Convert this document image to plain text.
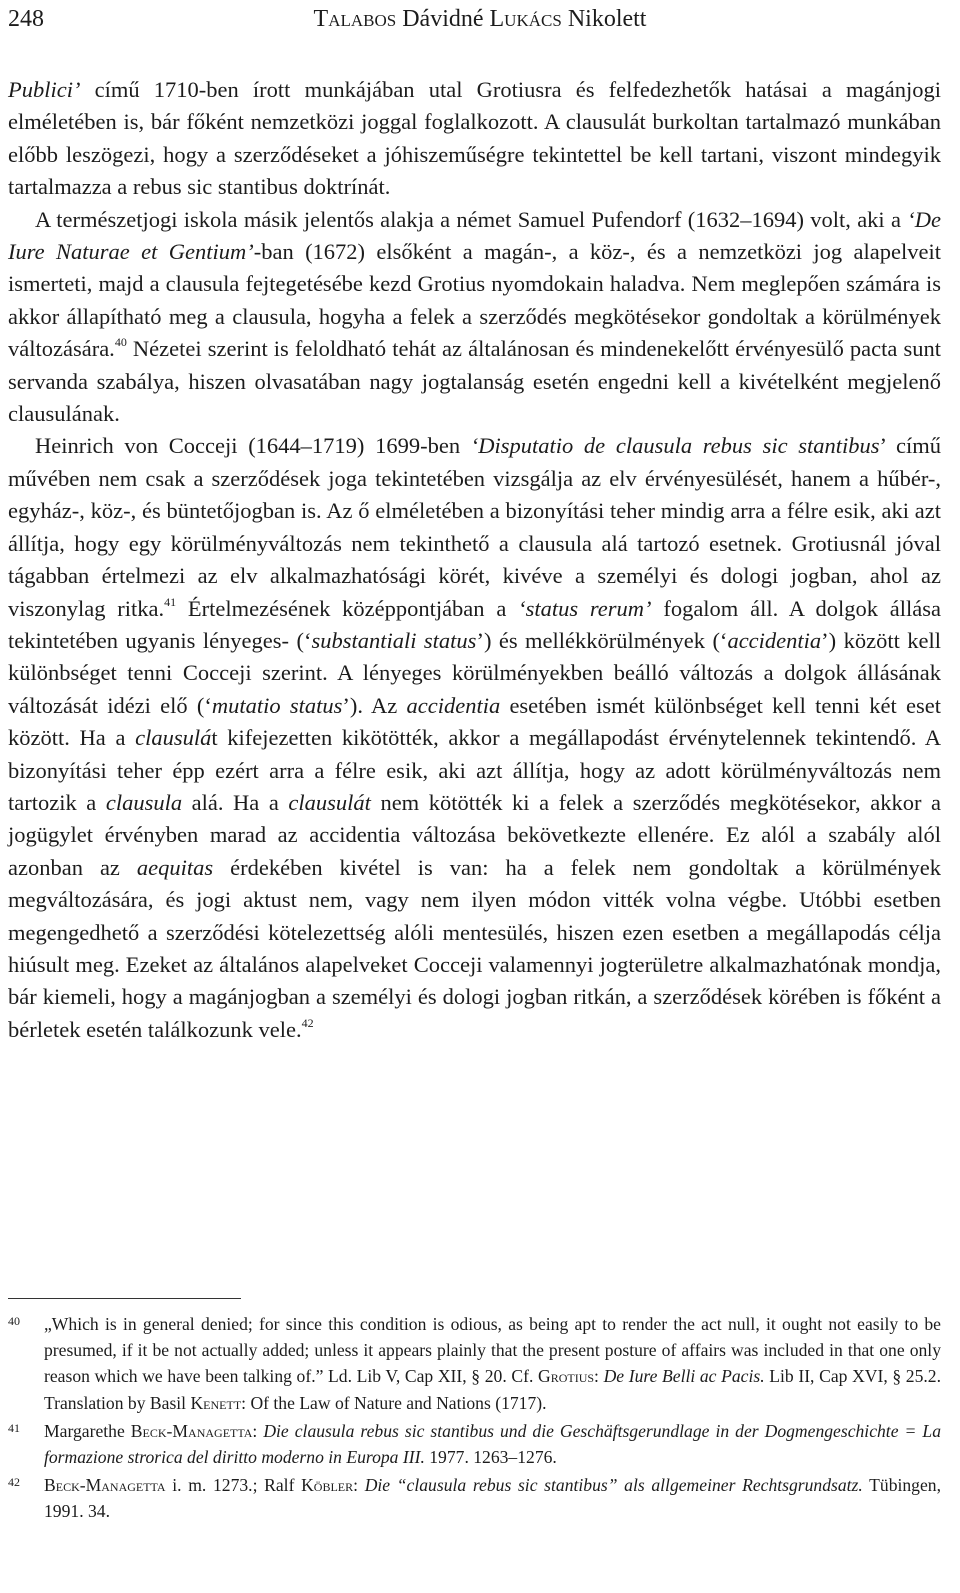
248	Talabos Dávidné Lukács Nikolett

Publici’ című 1710-ben írott munkájában utal Grotiusra és felfedezhetők hatásai a magánjogi elméletében is, bár főként nemzetközi joggal foglalkozott. A clausulát burkoltan tartalmazó munkában előbb leszögezi, hogy a szerződéseket a jóhiszeműségre tekintettel be kell tartani, viszont mindegyik tartalmazza a rebus sic stantibus doktrínát.

A természetjogi iskola másik jelentős alakja a német Samuel Pufendorf (1632–1694) volt, aki a ‘De Iure Naturae et Gentium’-ban (1672) elsőként a magán-, a köz-, és a nemzetközi jog alapelveit ismerteti, majd a clausula fejtegetésébe kezd Grotius nyomdokain haladva. Nem meglepően számára is akkor állapítható meg a clausula, hogyha a felek a szerződés megkötésekor gondoltak a körülmények változására.$^{40}$ Nézetei szerint is feloldható tehát az általánosan és mindenekelőtt érvényesülő pacta sunt servanda szabálya, hiszen olvasatában nagy jogtalanság esetén engedni kell a kivételként megjelenő clausulának.

Heinrich von Cocceji (1644–1719) 1699-ben ‘Disputatio de clausula rebus sic stantibus’ című művében nem csak a szerződések joga tekintetében vizsgálja az elv érvényesülését, hanem a hűbér-, egyház-, köz-, és büntetőjogban is. Az ő elméletében a bizonyítási teher mindig arra a félre esik, aki azt állítja, hogy egy körülményváltozás nem tekinthető a clausula alá tartozó esetnek. Grotiusnál jóval tágabban értelmezi az elv alkalmazhatósági körét, kivéve a személyi és dologi jogban, ahol az viszonylag ritka.$^{41}$ Értelmezésének középpontjában a ‘status rerum’ fogalom áll. A dolgok állása tekintetében ugyanis lényeges- (‘substantiali status’) és mellékkörülmények (‘accidentia’) között kell különbséget tenni Cocceji szerint. A lényeges körülményekben beálló változás a dolgok állásának változását idézi elő (‘mutatio status’). Az accidentia esetében ismét különbséget kell tenni két eset között. Ha a clausulát kifejezetten kikötötték, akkor a megállapodást érvénytelennek tekintendő. A bizonyítási teher épp ezért arra a félre esik, aki azt állítja, hogy az adott körülményváltozás nem tartozik a clausula alá. Ha a clausulát nem kötötték ki a felek a szerződés megkötésekor, akkor a jogügylet érvényben marad az accidentia változása bekövetkezte ellenére. Ez alól a szabály alól azonban az aequitas érdekében kivétel is van: ha a felek nem gondoltak a körülmények megváltozására, és jogi aktust nem, vagy nem ilyen módon vitték volna végbe. Utóbbi esetben megengedhető a szerződési kötelezettség alóli mentesülés, hiszen ezen esetben a megállapodás célja hiúsult meg. Ezeket az általános alapelveket Cocceji valamennyi jogterületre alkalmazhatónak mondja, bár kiemeli, hogy a magánjogban a személyi és dologi jogban ritkán, a szerződések körében is főként a bérletek esetén találkozunk vele.$^{42}$

40 „Which is in general denied; for since this condition is odious, as being apt to render the act null, it ought not easily to be presumed, if it be not actually added; unless it appears plainly that the present posture of affairs was included in that one only reason which we have been talking of.” Ld. Lib V, Cap XII, § 20. Cf. Grotius: De Iure Belli ac Pacis. Lib II, Cap XVI, § 25.2. Translation by Basil Kenett: Of the Law of Nature and Nations (1717).

41 Margarethe Beck-Managetta: Die clausula rebus sic stantibus und die Geschäftsgerundlage in der Dogmengeschichte = La formazione strorica del diritto moderno in Europa III. 1977. 1263–1276.

42 Beck-Managetta i. m. 1273.; Ralf Köbler: Die “clausula rebus sic stantibus” als allgemeiner Rechtsgrundsatz. Tübingen, 1991. 34.
